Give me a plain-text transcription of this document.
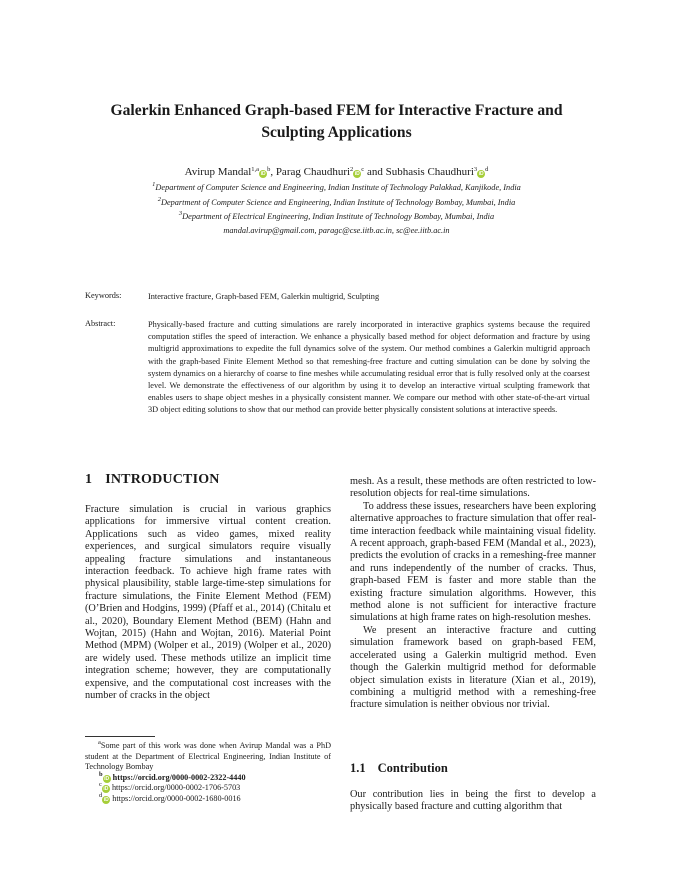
Galerkin Enhanced Graph-based FEM for Interactive Fracture and
Sculpting Applications
Avirup $Mandal^{1,a}iD^b$, Parag $Chaudhuri^2iD^c$ and Subhasis $Chaudhuri^3iD^d$
$^1$Department of Computer Science and Engineering, Indian Institute of Technology Palakkad, Kanjikode, India
$^2$Department of Computer Science and Engineering, Indian Institute of Technology Bombay, Mumbai, India
$^3$Department of Electrical Engineering, Indian Institute of Technology Bombay, Mumbai, India
mandal.avirup@gmail.com, paragc@cse.iitb.ac.in, sc@ee.iitb.ac.in
Keywords:	Interactive fracture, Graph-based FEM, Galerkin multigrid, Sculpting
Abstract:	Physically-based fracture and cutting simulations are rarely incorporated in interactive graphics systems because the required computation stifles the speed of interaction. We enhance a physically based method for object deformation and fracture by using multigrid approximations to expedite the full dynamics solve of the system. Our method combines a Galerkin multigrid approach with the graph-based Finite Element Method so that remeshing-free fracture and cutting simulation can be done by solving the system dynamics on a hierarchy of coarse to fine meshes while accumulating residual error that is fully resolved only at the coarsest level. We demonstrate the effectiveness of our algorithm by using it to develop an interactive virtual sculpting framework that enables users to shape object meshes in a physically consistent manner. We compare our method with other state-of-the-art virtual 3D object editing solutions to show that our method can provide better physically consistent solutions at interactive speeds.
1 INTRODUCTION

Fracture simulation is crucial in various graphics applications for immersive virtual content creation. Applications such as video games, mixed reality experiences, and surgical simulators require visually appealing fracture simulations and instantaneous interaction feedback. To achieve high frame rates with physical plausibility, stable large-time-step simulations for fracture simulations, the Finite Element Method (FEM) (O’Brien and Hodgins, 1999) (Pfaff et al., 2014) (Chitalu et al., 2020), Boundary Element Method (BEM) (Hahn and Wojtan, 2015) (Hahn and Wojtan, 2016). Material Point Method (MPM) (Wolper et al., 2019) (Wolper et al., 2020) are widely used. These methods utilize an implicit time integration scheme; however, they are computationally expensive, and the computational cost increases with the number of cracks in the object

$^a$Some part of this work was done when Avirup Mandal was a PhD student at the Department of Electrical Engineering, Indian Institute of Technology Bombay
$^b$iD https://orcid.org/0000-0002-2322-4440
$^c$iD https://orcid.org/0000-0002-1706-5703
$^d$iD https://orcid.org/0000-0002-1680-0016

mesh. As a result, these methods are often restricted to low-resolution objects for real-time simulations.

To address these issues, researchers have been exploring alternative approaches to fracture simulation that offer real-time interaction feedback while maintaining visual fidelity. A recent approach, graph-based FEM (Mandal et al., 2023), predicts the evolution of cracks in a remeshing-free manner and runs independently of the number of cracks. Thus, graph-based FEM is faster and more stable than the existing fracture simulation algorithms. However, this method alone is not sufficient for interactive fracture simulations at high frame rates on high-resolution meshes.

We present an interactive fracture and cutting simulation framework based on graph-based FEM, accelerated using a Galerkin multigrid method. Even though the Galerkin multigrid method for deformable object simulation exists in literature (Xian et al., 2019), combining a multigrid method with a remeshing-free fracture simulation is neither obvious nor trivial.

1.1 Contribution

Our contribution lies in being the first to develop a physically based fracture and cutting algorithm that
